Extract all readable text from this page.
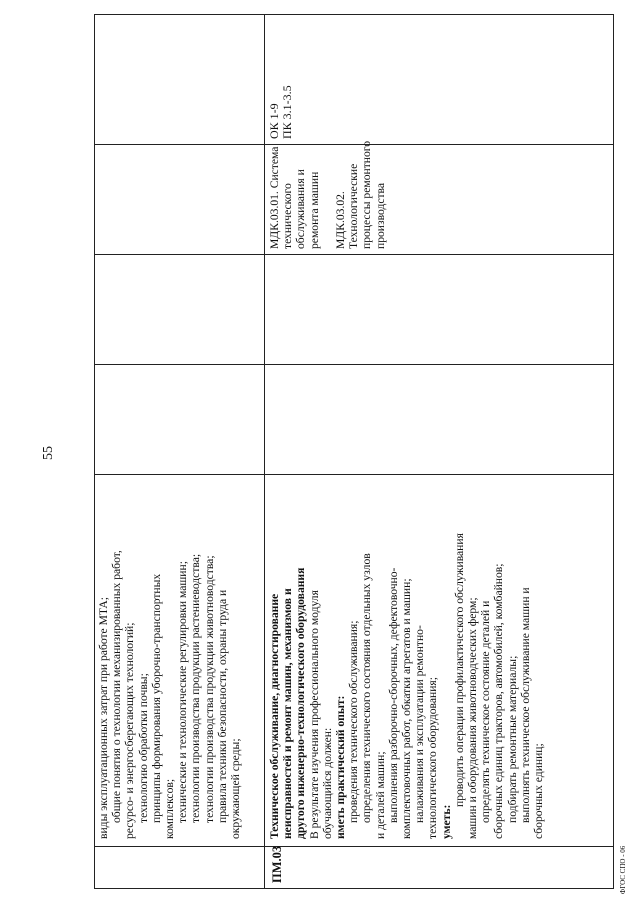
55
ФГОС СПО - 06
виды эксплуатационных затрат при работе МТА; общие понятия о технологии механизированных работ, ресурсо- и энергосберегающих технологий; технологию обработки почвы; принципы формирования уборочно-транспортных комплексов; технические и технологические регулировки машин; технологии производства продукции растениеводства; технологии производства продукции животноводства; правила техники безопасности, охраны труда и окружающей среды;
ПМ.03
Техническое обслуживание, диагностирование неисправностей и ремонт машин, механизмов и другого инженерно-технологического оборудования В результате изучения профессионального модуля обучающийся должен: иметь практический опыт: проведения технического обслуживания; определения технического состояния отдельных узлов и деталей машин; выполнения разборочно-сборочных, дефектовочно- комплектовочных работ, обкатки агрегатов и машин; налаживания и эксплуатации ремонтно- технологического оборудования; уметь:
проводить операции профилактического обслуживания машин и оборудования животноводческих ферм; определять техническое состояние деталей и сборочных единиц тракторов, автомобилей, комбайнов; подбирать ремонтные материалы; выполнять техническое обслуживание машин и сборочных единиц;
МДК.03.01. Система технического обслуживания и ремонта машин МДК.03.02. Технологические процессы ремонтного производства
ОК 1-9 ПК 3.1-3.5
